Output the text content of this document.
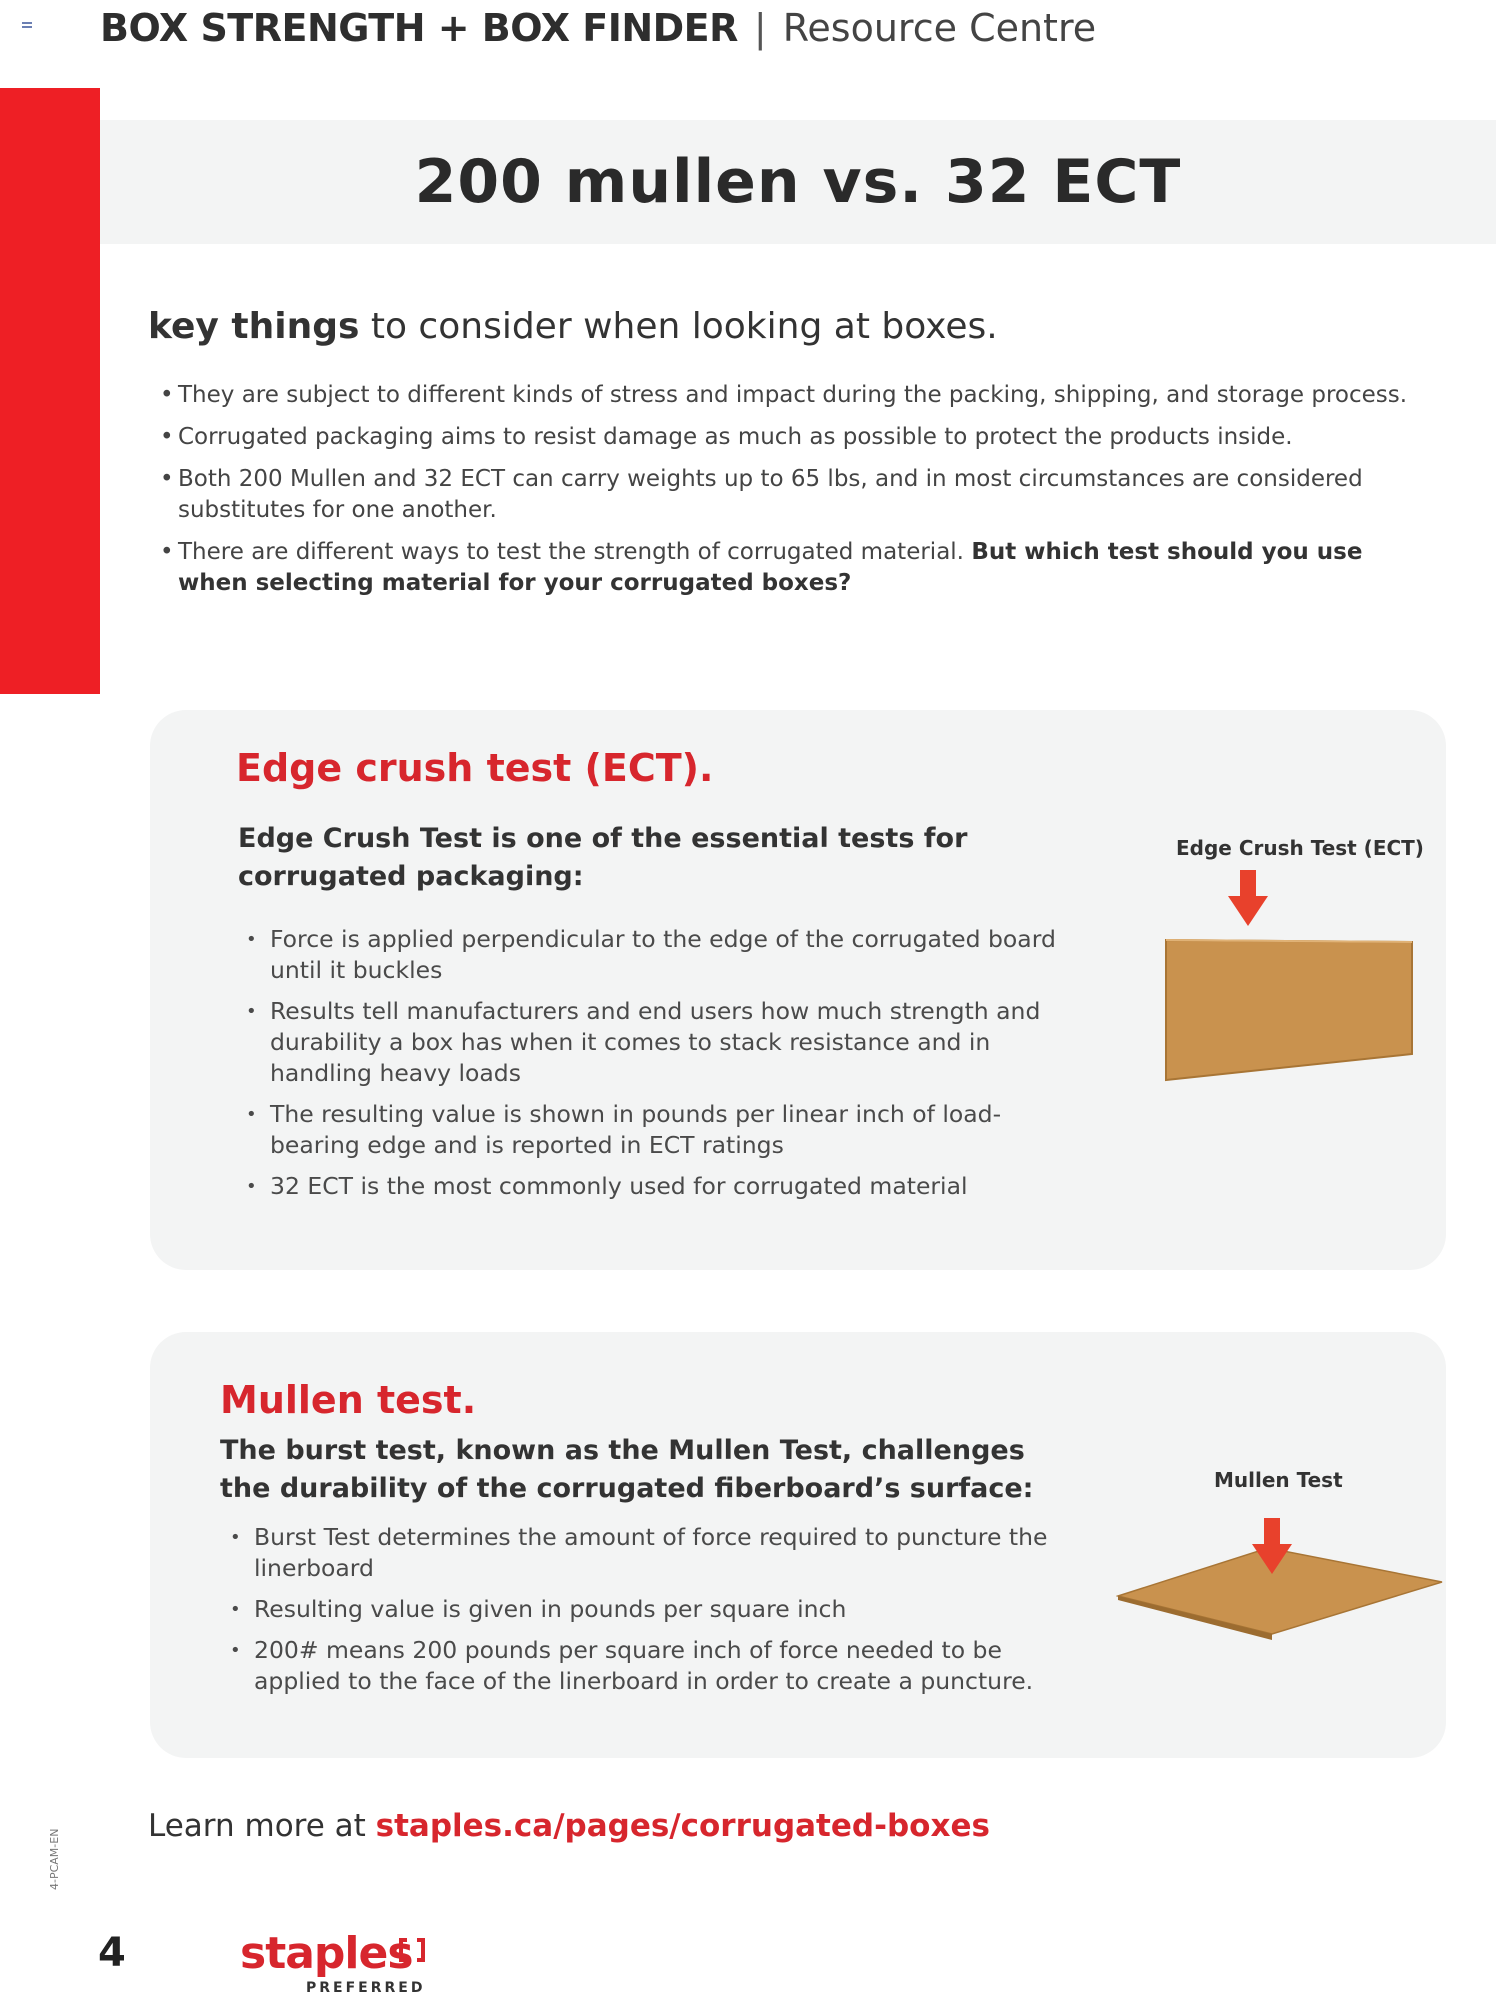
BOX STRENGTH + BOX FINDER | Resource Centre
200 mullen vs. 32 ECT
key things to consider when looking at boxes.
• They are subject to different kinds of stress and impact during the packing, shipping, and storage process.
• Corrugated packaging aims to resist damage as much as possible to protect the products inside.
• Both 200 Mullen and 32 ECT can carry weights up to 65 lbs, and in most circumstances are considered substitutes for one another.
• There are different ways to test the strength of corrugated material. But which test should you use when selecting material for your corrugated boxes?
Edge crush test (ECT).
Edge Crush Test is one of the essential tests for corrugated packaging:
• Force is applied perpendicular to the edge of the corrugated board until it buckles
• Results tell manufacturers and end users how much strength and durability a box has when it comes to stack resistance and in handling heavy loads
• The resulting value is shown in pounds per linear inch of load-bearing edge and is reported in ECT ratings
• 32 ECT is the most commonly used for corrugated material
Edge Crush Test (ECT)
Mullen test.
The burst test, known as the Mullen Test, challenges the durability of the corrugated fiberboard’s surface:
• Burst Test determines the amount of force required to puncture the linerboard
• Resulting value is given in pounds per square inch
• 200# means 200 pounds per square inch of force needed to be applied to the face of the linerboard in order to create a puncture.
Mullen Test
Learn more at staples.ca/pages/corrugated-boxes
4-PCAM-EN
4	staples
PREFERRED
